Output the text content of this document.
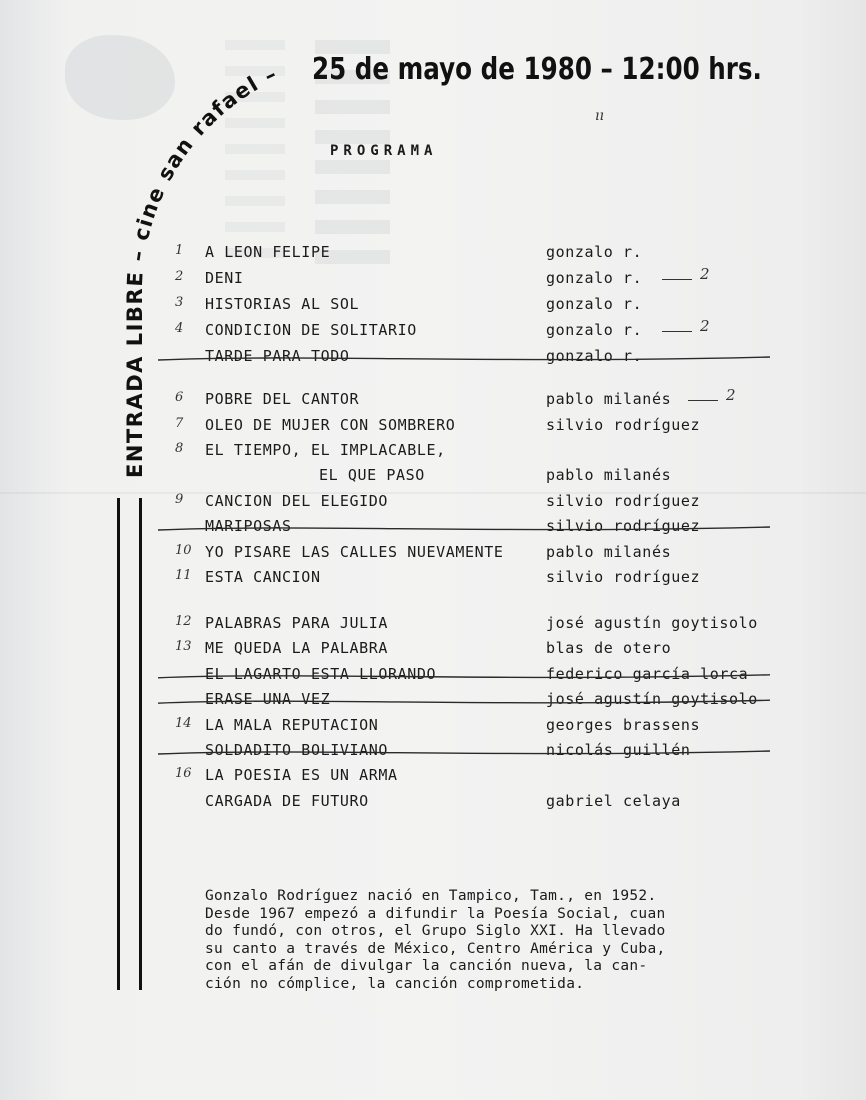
ENTRADA LIBRE – cine san rafael – 25 de mayo de 1980 – 12:00 hrs.
ıı
PROGRAMA
1	A LEON FELIPE	gonzalo r.
2	DENI	gonzalo r.	2
3	HISTORIAS AL SOL	gonzalo r.
4	CONDICION DE SOLITARIO	gonzalo r.	2
TARDE PARA TODO	gonzalo r.
6	POBRE DEL CANTOR	pablo milanés	2
7	OLEO DE MUJER CON SOMBRERO	silvio rodríguez
8	EL TIEMPO, EL IMPLACABLE,
EL QUE PASO	pablo milanés
9	CANCION DEL ELEGIDO	silvio rodríguez
MARIPOSAS	silvio rodríguez
10 YO PISARE LAS CALLES NUEVAMENTE	pablo milanés
11 ESTA CANCION	silvio rodríguez
12 PALABRAS PARA JULIA	josé agustín goytisolo
13 ME QUEDA LA PALABRA	blas de otero
EL LAGARTO ESTA LLORANDO	federico garcía lorca
ERASE UNA VEZ	josé agustín goytisolo
14 LA MALA REPUTACION	georges brassens
SOLDADITO BOLIVIANO	nicolás guillén
16 LA POESIA ES UN ARMA
CARGADA DE FUTURO	gabriel celaya
Gonzalo Rodríguez nació en Tampico, Tam., en 1952.
Desde 1967 empezó a difundir la Poesía Social, cuan
do fundó, con otros, el Grupo Siglo XXI. Ha llevado
su canto a través de México, Centro América y Cuba,
con el afán de divulgar la canción nueva, la can-
ción no cómplice, la canción comprometida.
